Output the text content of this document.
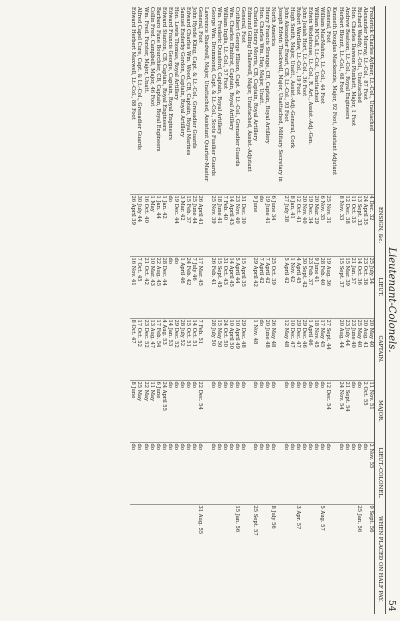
Lieutenant-Colonels.
54
	ENSIGN, &c.	LIEUT.	CAPTAIN.	MAJOR.	LIEUT.-COLONEL.	WHEN PLACED ON HALF PAY.
Frederick Charles Aylmer, Lt.-Col., Unattached	4 Dec. 32	25 July 34	20 May 40	11 Nov. 51	2 Nov. 55	9 Sept. 56
Alexander Murray, Lt.-Col., 87 Foot	24 April 35	23 Oct. 38	20 Aug. 41	2 Oct. 55	do	
Richard Waddy, Lt.-Col., Unattached	13 Sept. 33	14 Oct. 36	25 May 40	do	do	25 Jan. 56
Hon. Charles Dawson Plunkett, Major, 1 Foot	11 Oct. 33	21 Jan. 37	23 June 40	do	do	
Andrew Beatson, Lt.-Col., Royal Engineers	12 Dec. 38	15 Mar. 39	23 July 44	21 Sept. 54	do	
Herbert Blount, Lt.-Col., 68 Foot	8 Nov. 33	15 Sept. 37	20 Aug. 44	24 Nov. 54	do	
Kenneth Douglas Mackenzie, Major, 92 Foot, Assistant Adjutant						
General, Foot	25 Nov. 31	19 Aug. 36	27 Sept. 44	12 Dec. 54	do	
William MacMahon, Lt.-Col., 44 Foot	6 Nov. 35	28 Feb. 40	17 May 45	do	do	5 Aug. 57
William M'Call, Lt.-Col., Unattached	20 Mar. 29	9 June 41	18 Nov. 45	do	do	
Edwin Wodehouse, Lt.-Col., R. Art., Assist.-Adj.-Gen.	19 Dec. 34	23 Feb. 37	1 April 46	do	do	
John Josiah Hort, Lt.-Col., 36 Foot	20 Nov. 40	30 Sept. 42	29 Dec. 46	do	do	
Robert Wardlaw, Lt.-Col., 19 Foot	12 Oct. 41	4 April 45	29 Dec. 47	do	do	3 Apr. 57
Hugh Smith, Major, Unatt., Assist.-Adj.-General, Cork	8 Jan. 41	1 Nov. 42	10 Dec. 47	do	do	
John Alexander Ewart, CB, Lt.-Col., 93 Foot	27 July 38	5 April 42	12 May 48	do	do	
Joseph Edwin Thackwell, Major, Unattached, Military Secretary in						
North America	6 June 34	25 Oct. 39	26 May 48	do	do	8 July 56
Henry Francis Strange, CB, Captain, Royal Artillery	19 June 41	7 April 42	20 June 48	do	do	
Hon. Charles Wm. Hay, Major, Unatt.	do	7 April 42	do	do	do	
Charles Henry Morris, CB, Captain, Royal Artillery	9 June	29 April 42	1 Nov. 48	do	do	25 Sept. 57
Edmund Gilling Hallewell, Major, Unattached, Assist.-Adjutant						
General, Foot	31 Dec. 30	15 April 35	29 Dec. 48	do	do	
Cuthbert George Ellison, Capt. & Lt.-Col., Grenadier Guards	23 Nov. 40	5 April 44	10 April 49	do	do	15 Jan. 56
Wm. Charles Elmhirst, Captain, Royal Artillery	14 April 43	14 April 45	10 April 50	do	do	
William Inglis, Lt.-Col., 57 Foot	7 Feb. 40	31 Oct. 43	24 Oct. 50	do	do	
Wm. Frederic Dunsford, Captain, Royal Artillery	18 June 41	15 Sept. 45	15 May 50	do	do	
George Wm. Drummond, Capt. & Lt.-Col., Scots Fusilier Guards	25 Nov. 39	26 Feb. 41	28 July 50	do	do	
Lawrence Shadwell, Major, Unattached, Assistant Quarter-Master						
General, Foot	26 April 41	17 Mar. 45	7 Feb. 51	22 Dec. 54	do	31 Aug. 55
John Hynde Kling, Capt. & Lt.-Col., Grenadier Guards	25 June 44	7 July 46	14 Oct. 51	do	do	
Edward Charles Wm. Wood, CB, Captain, Royal Marines	15 Feb. 37	24 Feb. 42	15 Oct. 51	do	do	
Samuel Enderby Gordon, Captain, Royal Artillery	3 Mar. 42	1 April 46	28 July 52	do	do	
Hon. Lewis Thomas, Royal Artillery	19 Dec. 44	do	29 Dec. 52	do	do	
Edward Francis George, Captain, Royal Engineers	do	do	14 Jan. 53	do	do	
Edward Stanton, CB, Captain, Royal Engineers	1 Jan. 42	28 Dec. 44	4 Aug. 53	24 April 55	do	
Barbaro Fane Bourchier, CB, Captain, Royal Engineers	1 Jan. 44	22 Aug. 45	17 Feb. 54	6 June	do	
Collin Fred. Campbell, Major, 46 Foot	1 May	10 Mar. 43	13 Aug. 47	11 May	do	
Wm. Fred. Forster, Major, Unatt.	16 Oct. 40	21 Oct. 42	23 Dec. 52	22 May	do	
Alfred Capel Cure, Capt. & Lt.-Col., Grenadier Guards	30 July 44	7 Oct. 45	17 Oct. 52	25 May	do	
Edward Herbert Maxwell, Lt.-Col., 88 Foot	26 April 39	16 Nov. 41	8 Oct. 47	8 June	do	
